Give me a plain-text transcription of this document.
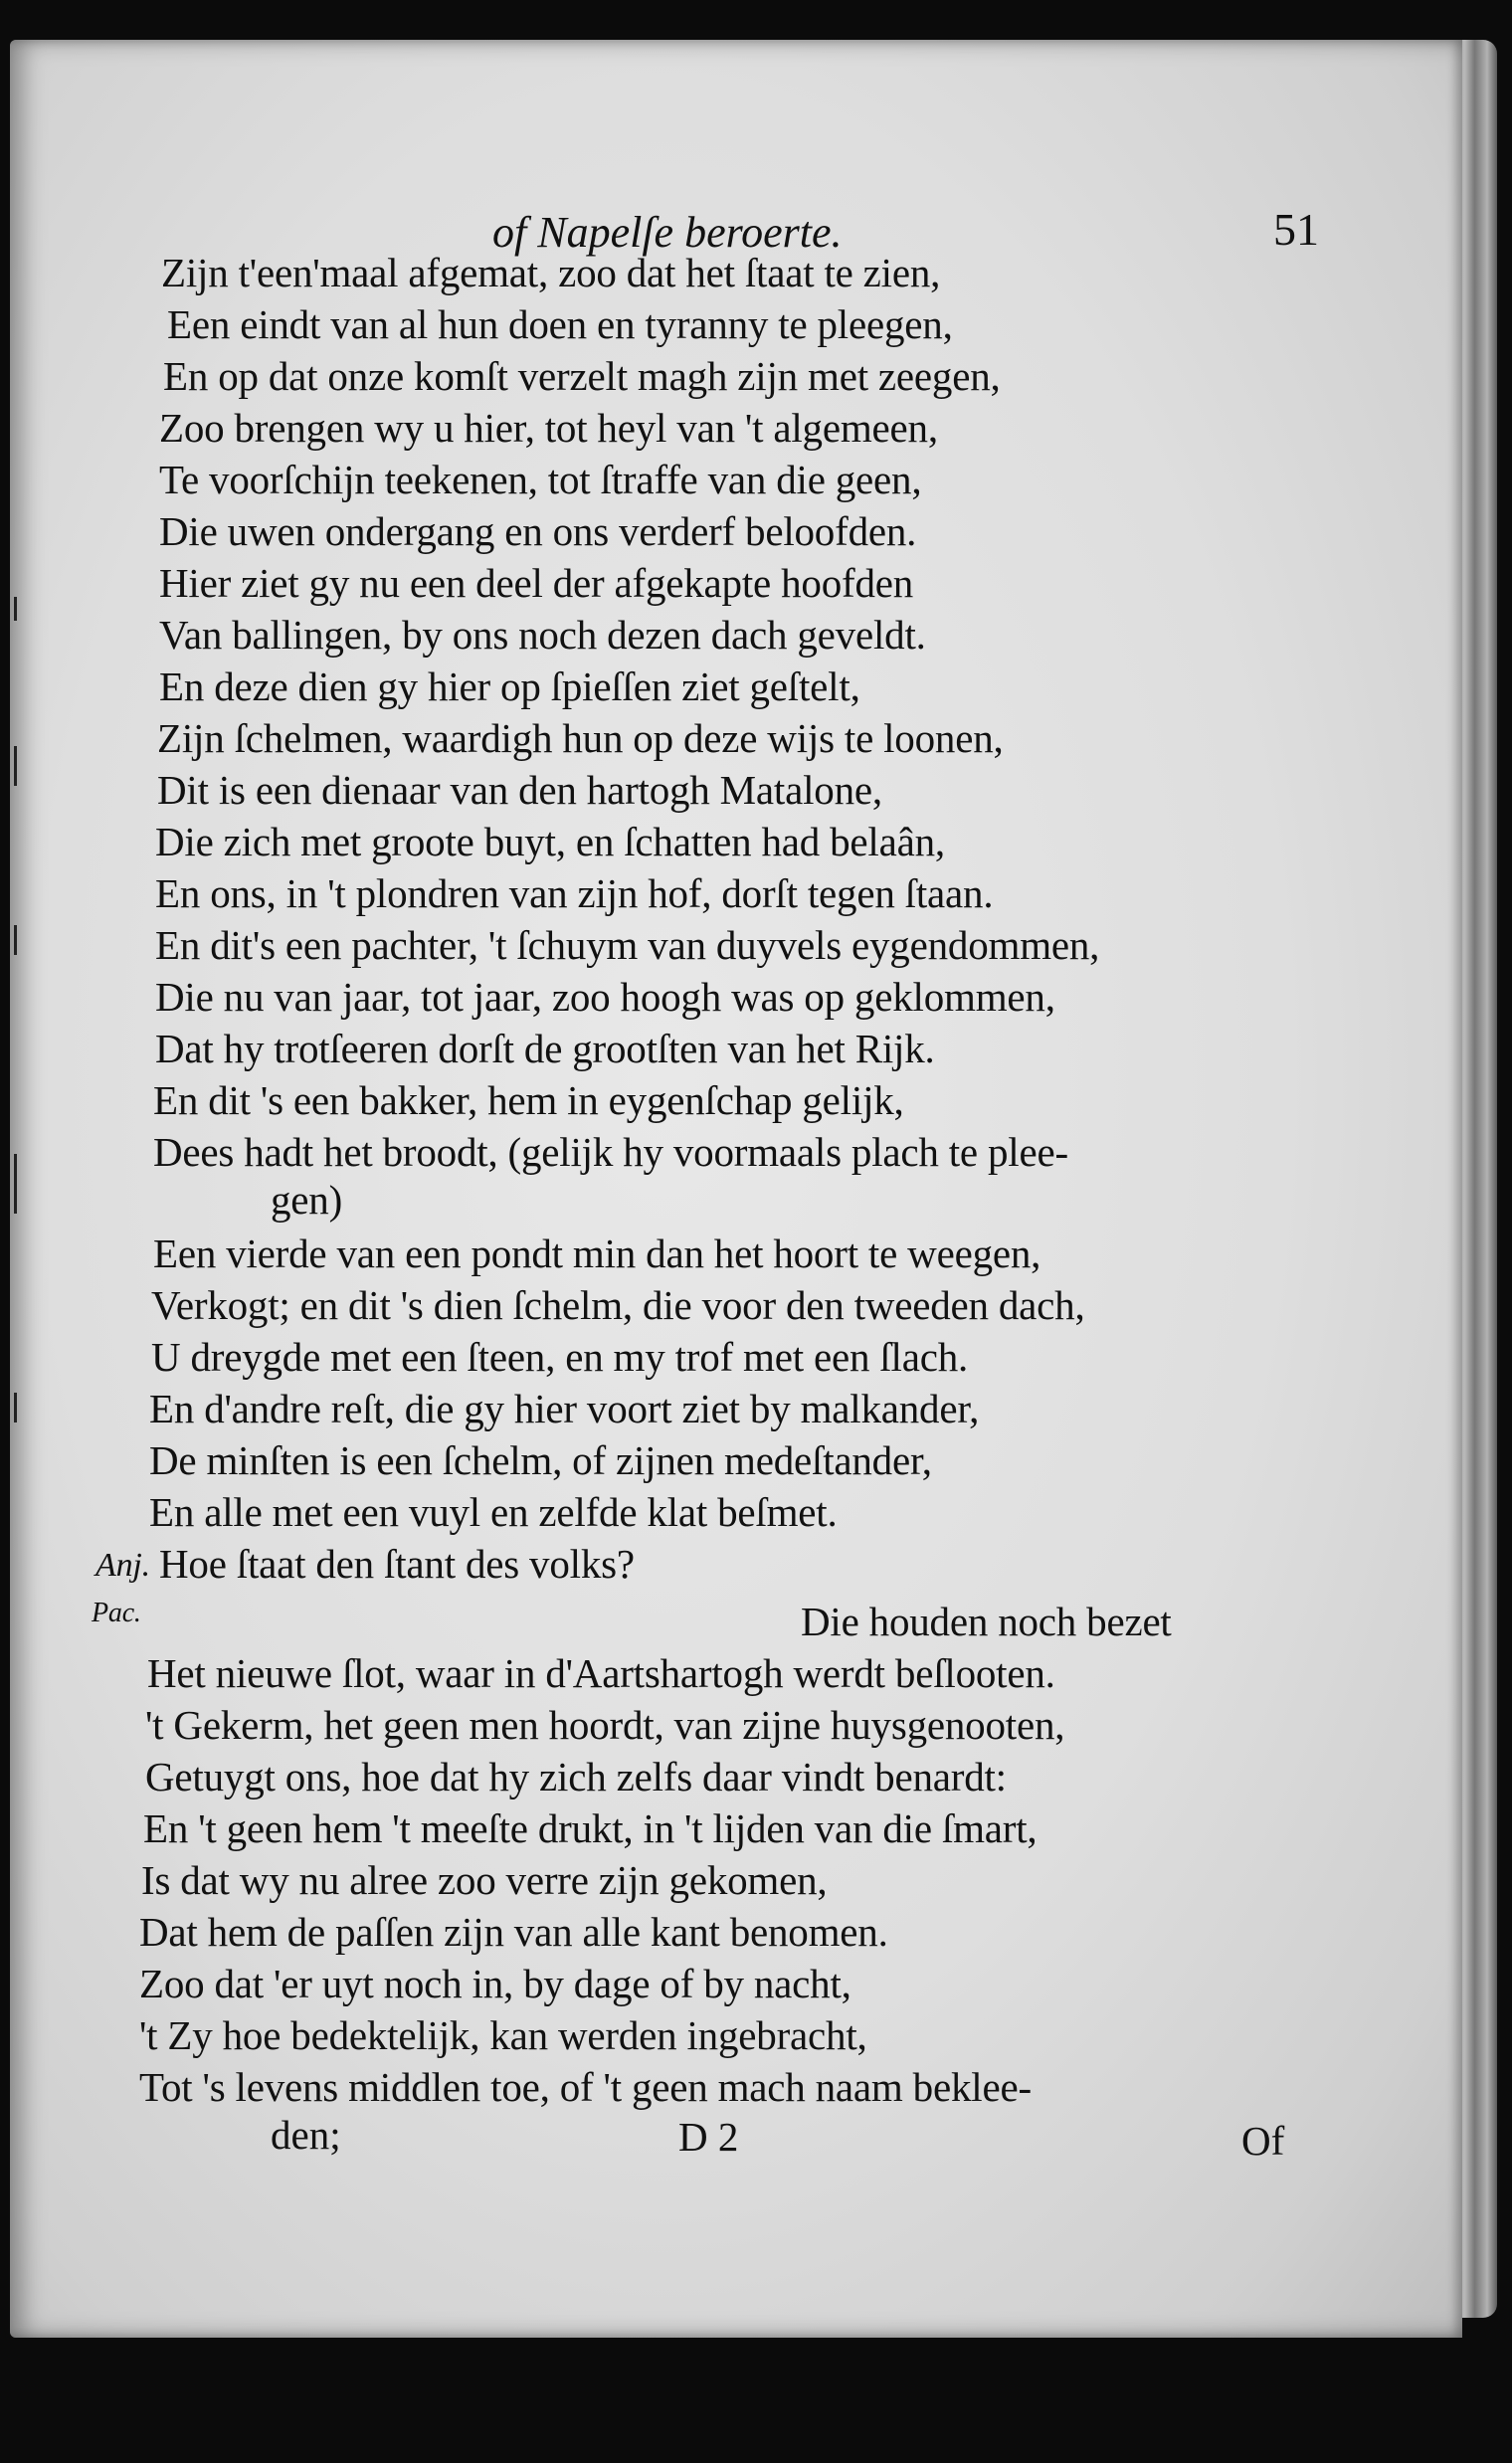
of Napelſe beroerte.	51
Zijn t'een'maal afgemat, zoo dat het ſtaat te zien,
Een eindt van al hun doen en tyranny te pleegen,
En op dat onze komſt verzelt magh zijn met zeegen,
Zoo brengen wy u hier, tot heyl van 't algemeen,
Te voorſchijn teekenen, tot ſtraffe van die geen,
Die uwen ondergang en ons verderf beloofden.
Hier ziet gy nu een deel der afgekapte hoofden
Van ballingen, by ons noch dezen dach geveldt.
En deze dien gy hier op ſpieſſen ziet geſtelt,
Zijn ſchelmen, waardigh hun op deze wijs te loonen,
Dit is een dienaar van den hartogh Matalone,
Die zich met groote buyt, en ſchatten had belaân,
En ons, in 't plondren van zijn hof, dorſt tegen ſtaan.
En dit's een pachter, 't ſchuym van duyvels eygendommen,
Die nu van jaar, tot jaar, zoo hoogh was op geklommen,
Dat hy trotſeeren dorſt de grootſten van het Rijk.
En dit 's een bakker, hem in eygenſchap gelijk,
Dees hadt het broodt, (gelijk hy voormaals plach te plee-
gen)
Een vierde van een pondt min dan het hoort te weegen,
Verkogt; en dit 's dien ſchelm, die voor den tweeden dach,
U dreygde met een ſteen, en my trof met een ſlach.
En d'andre reſt, die gy hier voort ziet by malkander,
De minſten is een ſchelm, of zijnen medeſtander,
En alle met een vuyl en zelfde klat beſmet.
Anj. Hoe ſtaat den ſtant des volks?
Pac.	Die houden noch bezet
Het nieuwe ſlot, waar in d'Aartshartogh werdt beſlooten.
't Gekerm, het geen men hoordt, van zijne huysgenooten,
Getuygt ons, hoe dat hy zich zelfs daar vindt benardt:
En 't geen hem 't meeſte drukt, in 't lijden van die ſmart,
Is dat wy nu alree zoo verre zijn gekomen,
Dat hem de paſſen zijn van alle kant benomen.
Zoo dat 'er uyt noch in, by dage of by nacht,
't Zy hoe bedektelijk, kan werden ingebracht,
Tot 's levens middlen toe, of 't geen mach naam beklee-
den;	D 2	Of
